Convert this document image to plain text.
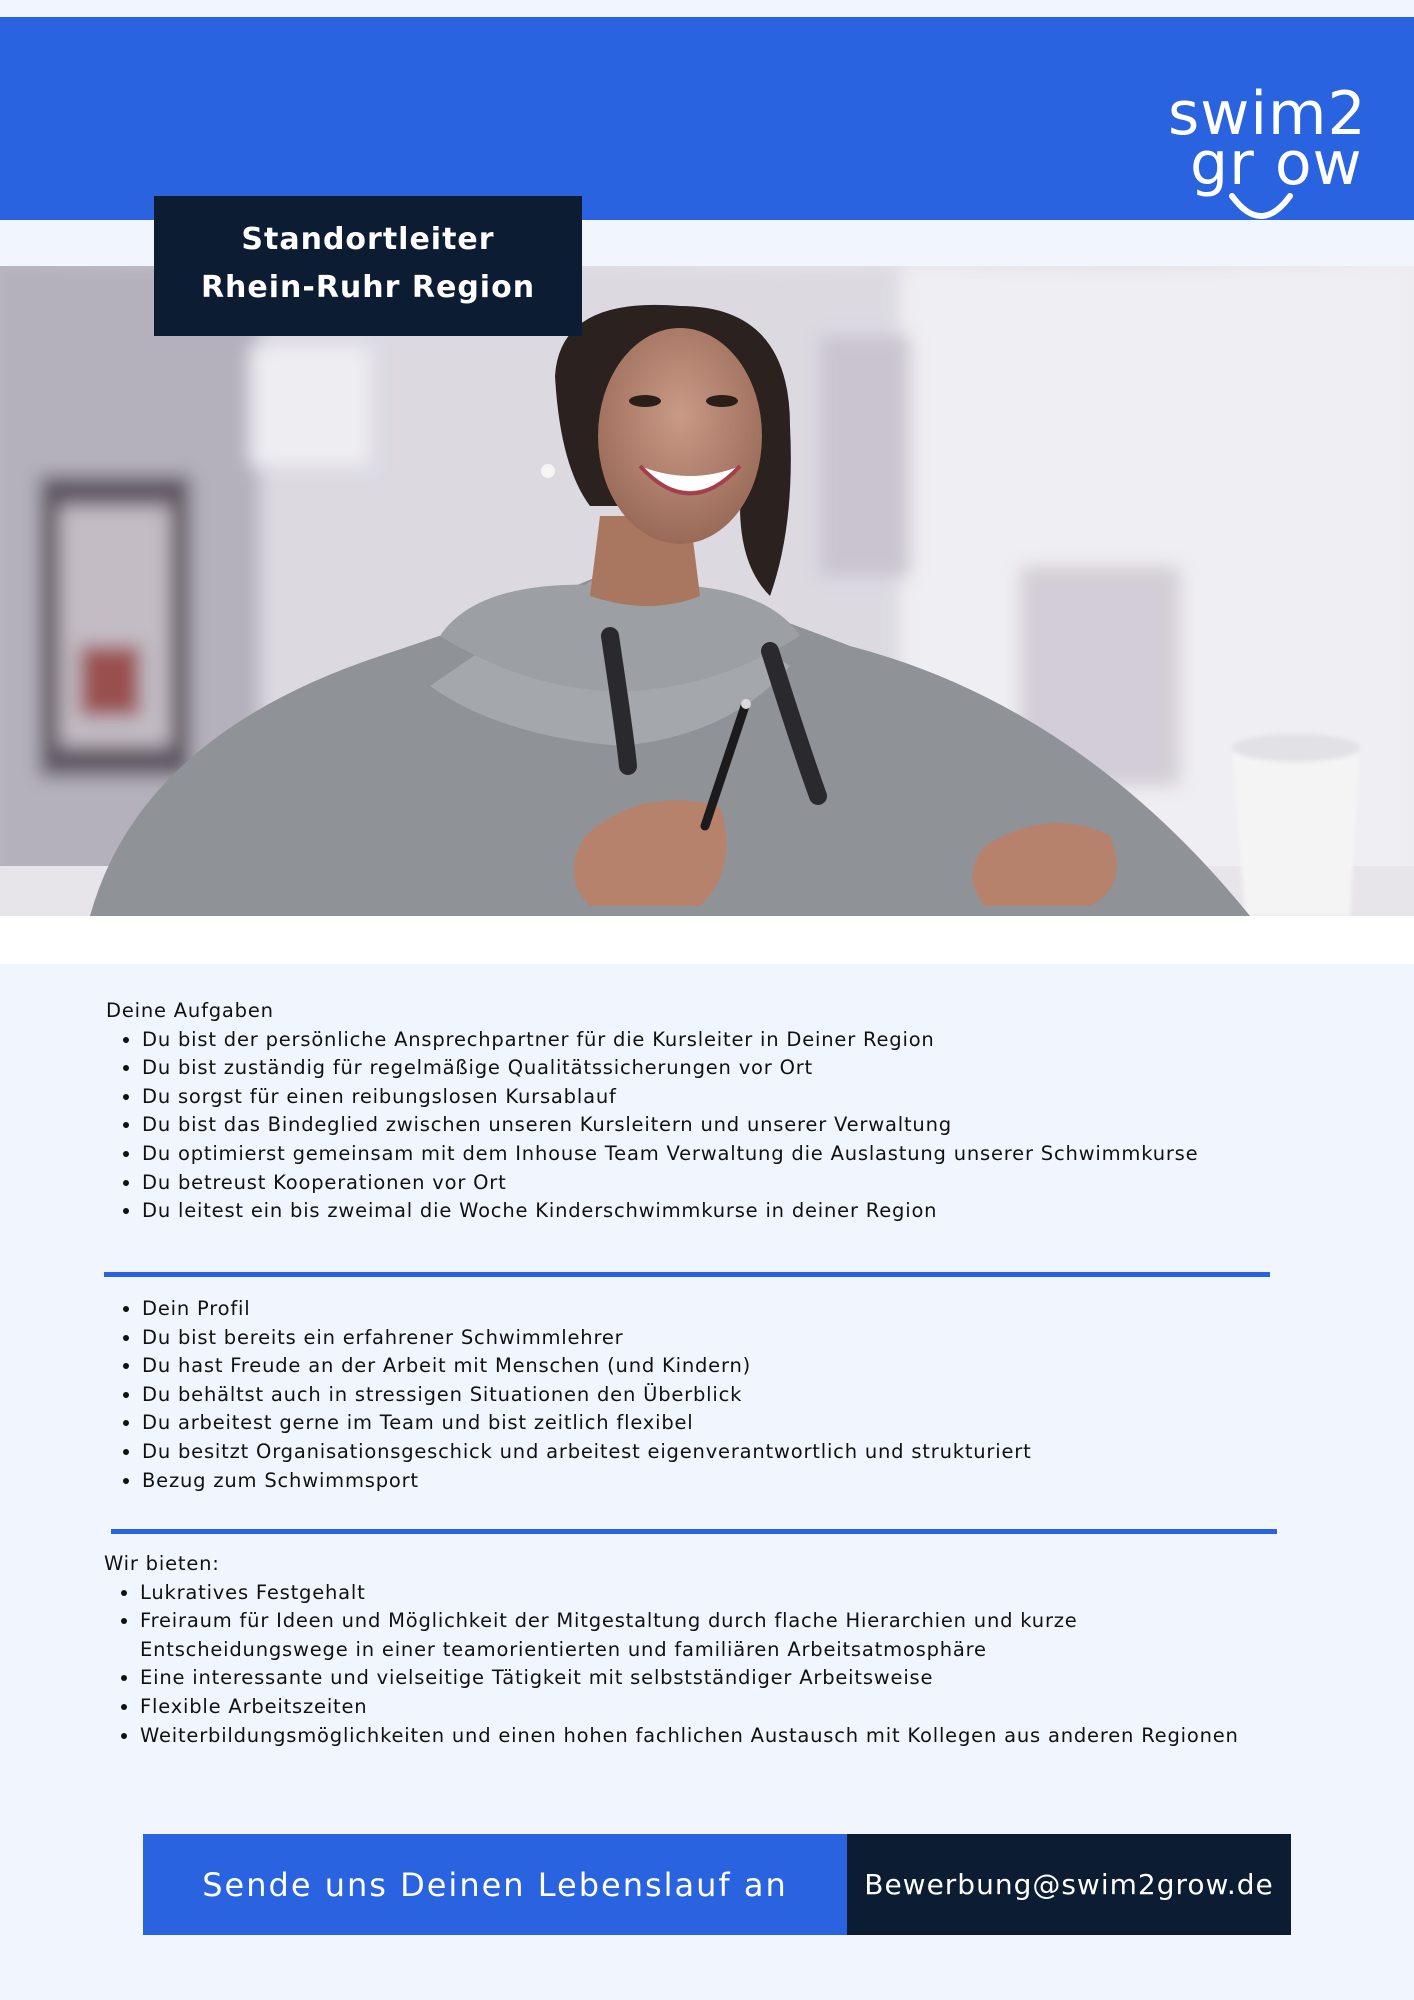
swim2
gr ow
Standortleiter
Rhein-Ruhr Region
Deine Aufgaben
• Du bist der persönliche Ansprechpartner für die Kursleiter in Deiner Region
• Du bist zuständig für regelmäßige Qualitätssicherungen vor Ort
• Du sorgst für einen reibungslosen Kursablauf
• Du bist das Bindeglied zwischen unseren Kursleitern und unserer Verwaltung
• Du optimierst gemeinsam mit dem Inhouse Team Verwaltung die Auslastung unserer Schwimmkurse
• Du betreust Kooperationen vor Ort
• Du leitest ein bis zweimal die Woche Kinderschwimmkurse in deiner Region
• Dein Profil
• Du bist bereits ein erfahrener Schwimmlehrer
• Du hast Freude an der Arbeit mit Menschen (und Kindern)
• Du behältst auch in stressigen Situationen den Überblick
• Du arbeitest gerne im Team und bist zeitlich flexibel
• Du besitzt Organisationsgeschick und arbeitest eigenverantwortlich und strukturiert
• Bezug zum Schwimmsport
Wir bieten:
• Lukratives Festgehalt
• Freiraum für Ideen und Möglichkeit der Mitgestaltung durch flache Hierarchien und kurze Entscheidungswege in einer teamorientierten und familiären Arbeitsatmosphäre
• Eine interessante und vielseitige Tätigkeit mit selbstständiger Arbeitsweise
• Flexible Arbeitszeiten
• Weiterbildungsmöglichkeiten und einen hohen fachlichen Austausch mit Kollegen aus anderen Regionen
Sende uns Deinen Lebenslauf an	Bewerbung@swim2grow.de
